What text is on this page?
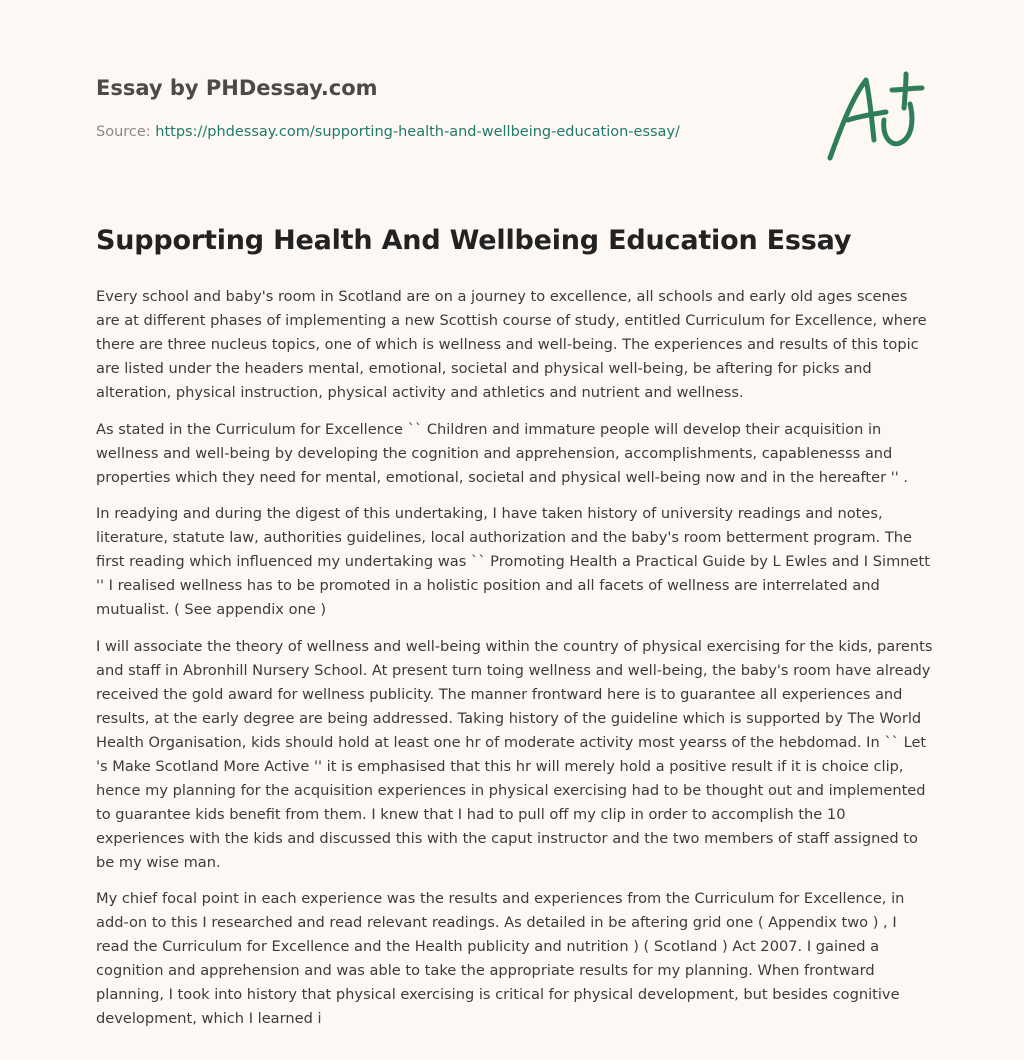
Essay by PHDessay.com
Source: https://phdessay.com/supporting-health-and-wellbeing-education-essay/
Supporting Health And Wellbeing Education Essay

Every school and baby's room in Scotland are on a journey to excellence, all schools and early old ages scenes are at different phases of implementing a new Scottish course of study, entitled Curriculum for Excellence, where there are three nucleus topics, one of which is wellness and well-being. The experiences and results of this topic are listed under the headers mental, emotional, societal and physical well-being, be aftering for picks and alteration, physical instruction, physical activity and athletics and nutrient and wellness.

As stated in the Curriculum for Excellence `` Children and immature people will develop their acquisition in wellness and well-being by developing the cognition and apprehension, accomplishments, capablenesss and properties which they need for mental, emotional, societal and physical well-being now and in the hereafter '' .

In readying and during the digest of this undertaking, I have taken history of university readings and notes, literature, statute law, authorities guidelines, local authorization and the baby's room betterment program. The first reading which influenced my undertaking was `` Promoting Health a Practical Guide by L Ewles and I Simnett '' I realised wellness has to be promoted in a holistic position and all facets of wellness are interrelated and mutualist. ( See appendix one )

I will associate the theory of wellness and well-being within the country of physical exercising for the kids, parents and staff in Abronhill Nursery School. At present turn toing wellness and well-being, the baby's room have already received the gold award for wellness publicity. The manner frontward here is to guarantee all experiences and results, at the early degree are being addressed. Taking history of the guideline which is supported by The World Health Organisation, kids should hold at least one hr of moderate activity most yearss of the hebdomad. In `` Let 's Make Scotland More Active '' it is emphasised that this hr will merely hold a positive result if it is choice clip, hence my planning for the acquisition experiences in physical exercising had to be thought out and implemented to guarantee kids benefit from them. I knew that I had to pull off my clip in order to accomplish the 10 experiences with the kids and discussed this with the caput instructor and the two members of staff assigned to be my wise man.

My chief focal point in each experience was the results and experiences from the Curriculum for Excellence, in add-on to this I researched and read relevant readings. As detailed in be aftering grid one ( Appendix two ) , I read the Curriculum for Excellence and the Health publicity and nutrition ) ( Scotland ) Act 2007. I gained a cognition and apprehension and was able to take the appropriate results for my planning. When frontward planning, I took into history that physical exercising is critical for physical development, but besides cognitive development, which I learned i
